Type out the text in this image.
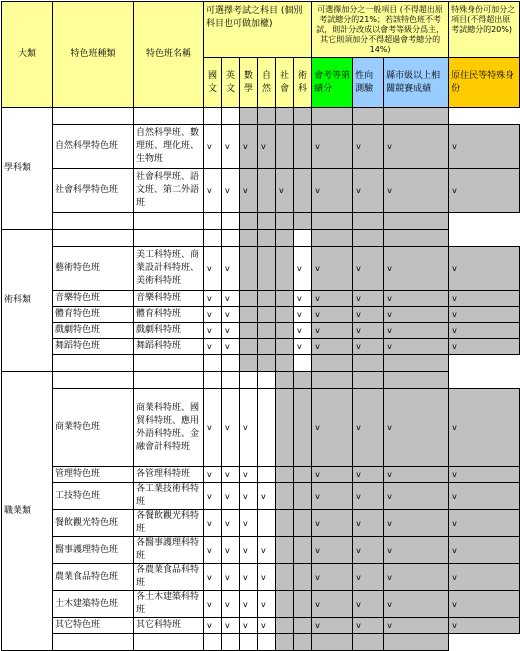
大類	特色班種類	特色班名稱	可選擇考試之科目 (個別科目也可做加權)						可選擇加分之一般項目 (不得超出原考試總分的21%；若該特色班不考試，則計分改成以會考等級分爲主，其它則須加分不得超過會考總分的14%)			特殊身份可加分之項目(不得超出原考試總分的20%)
			國文	英文	數學	自然	社會	術科	會考等第績分	性向測驗	縣市級以上相關競賽成績	原住民等特殊身份
學科類												
	自然科學特色班	自然科學班、數理班、理化班、生物班	v	v	v	v			v	v	v	v
	社會科學特色班	社會科學班、語文班、第二外語班	v	v	v		v		v	v	v	v

術科類												
	藝術特色班	美工科特班、商業設計科特班、美術科特班	v	v				v	v	v	v	v
	音樂特色班	音樂科特班	v	v				v	v	v	v	v
	體育特色班	體育科特班	v	v				v	v	v	v	v
	戲劇特色班	戲劇科特班	v	v				v	v	v	v	v
	舞蹈特色班	舞蹈科特班	v	v				v	v	v	v	v

職業類												
	商業特色班	商業科特班、國貿科特班、應用外語科特班、金融會計科特班	v	v	v				v	v	v	v
	管理特色班	各管理科特班	v	v	v				v	v	v	v
	工技特色班	各工業技術科特班	v	v	v	v			v	v	v	v
	餐飲觀光特色班	各餐飲觀光科特班	v	v	v				v	v	v	v
	醫事護理特色班	各醫事護理科特班	v	v	v	v			v	v	v	v
	農業食品特色班	各農業食品科特班	v	v	v	v			v	v	v	v
	土木建築特色班	各土木建築科特班	v	v	v	v			v	v	v	v
	其它特色班	其它科特班	v	v	v	v			v	v	v	v
